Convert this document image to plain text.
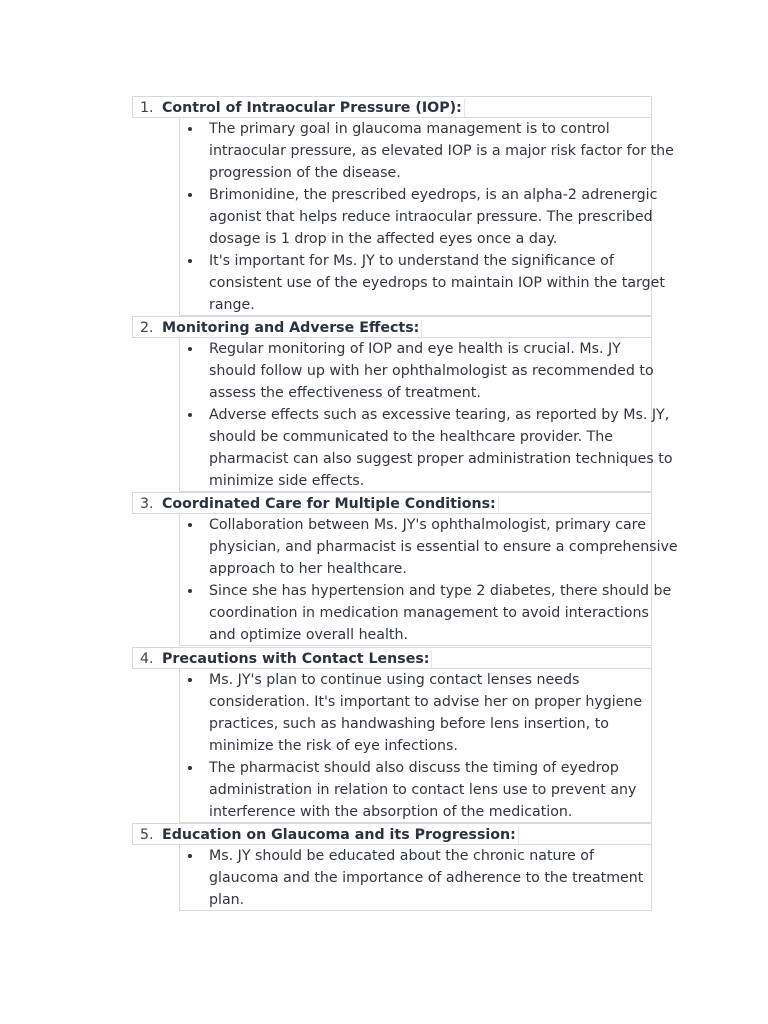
1. Control of Intraocular Pressure (IOP):
The primary goal in glaucoma management is to control
intraocular pressure, as elevated IOP is a major risk factor for the
progression of the disease.
Brimonidine, the prescribed eyedrops, is an alpha-2 adrenergic
agonist that helps reduce intraocular pressure. The prescribed
dosage is 1 drop in the affected eyes once a day.
It's important for Ms. JY to understand the significance of
consistent use of the eyedrops to maintain IOP within the target
range.
2. Monitoring and Adverse Effects:
Regular monitoring of IOP and eye health is crucial. Ms. JY
should follow up with her ophthalmologist as recommended to
assess the effectiveness of treatment.
Adverse effects such as excessive tearing, as reported by Ms. JY,
should be communicated to the healthcare provider. The
pharmacist can also suggest proper administration techniques to
minimize side effects.
3. Coordinated Care for Multiple Conditions:
Collaboration between Ms. JY's ophthalmologist, primary care
physician, and pharmacist is essential to ensure a comprehensive
approach to her healthcare.
Since she has hypertension and type 2 diabetes, there should be
coordination in medication management to avoid interactions
and optimize overall health.
4. Precautions with Contact Lenses:
Ms. JY's plan to continue using contact lenses needs
consideration. It's important to advise her on proper hygiene
practices, such as handwashing before lens insertion, to
minimize the risk of eye infections.
The pharmacist should also discuss the timing of eyedrop
administration in relation to contact lens use to prevent any
interference with the absorption of the medication.
5. Education on Glaucoma and its Progression:
Ms. JY should be educated about the chronic nature of
glaucoma and the importance of adherence to the treatment
plan.
